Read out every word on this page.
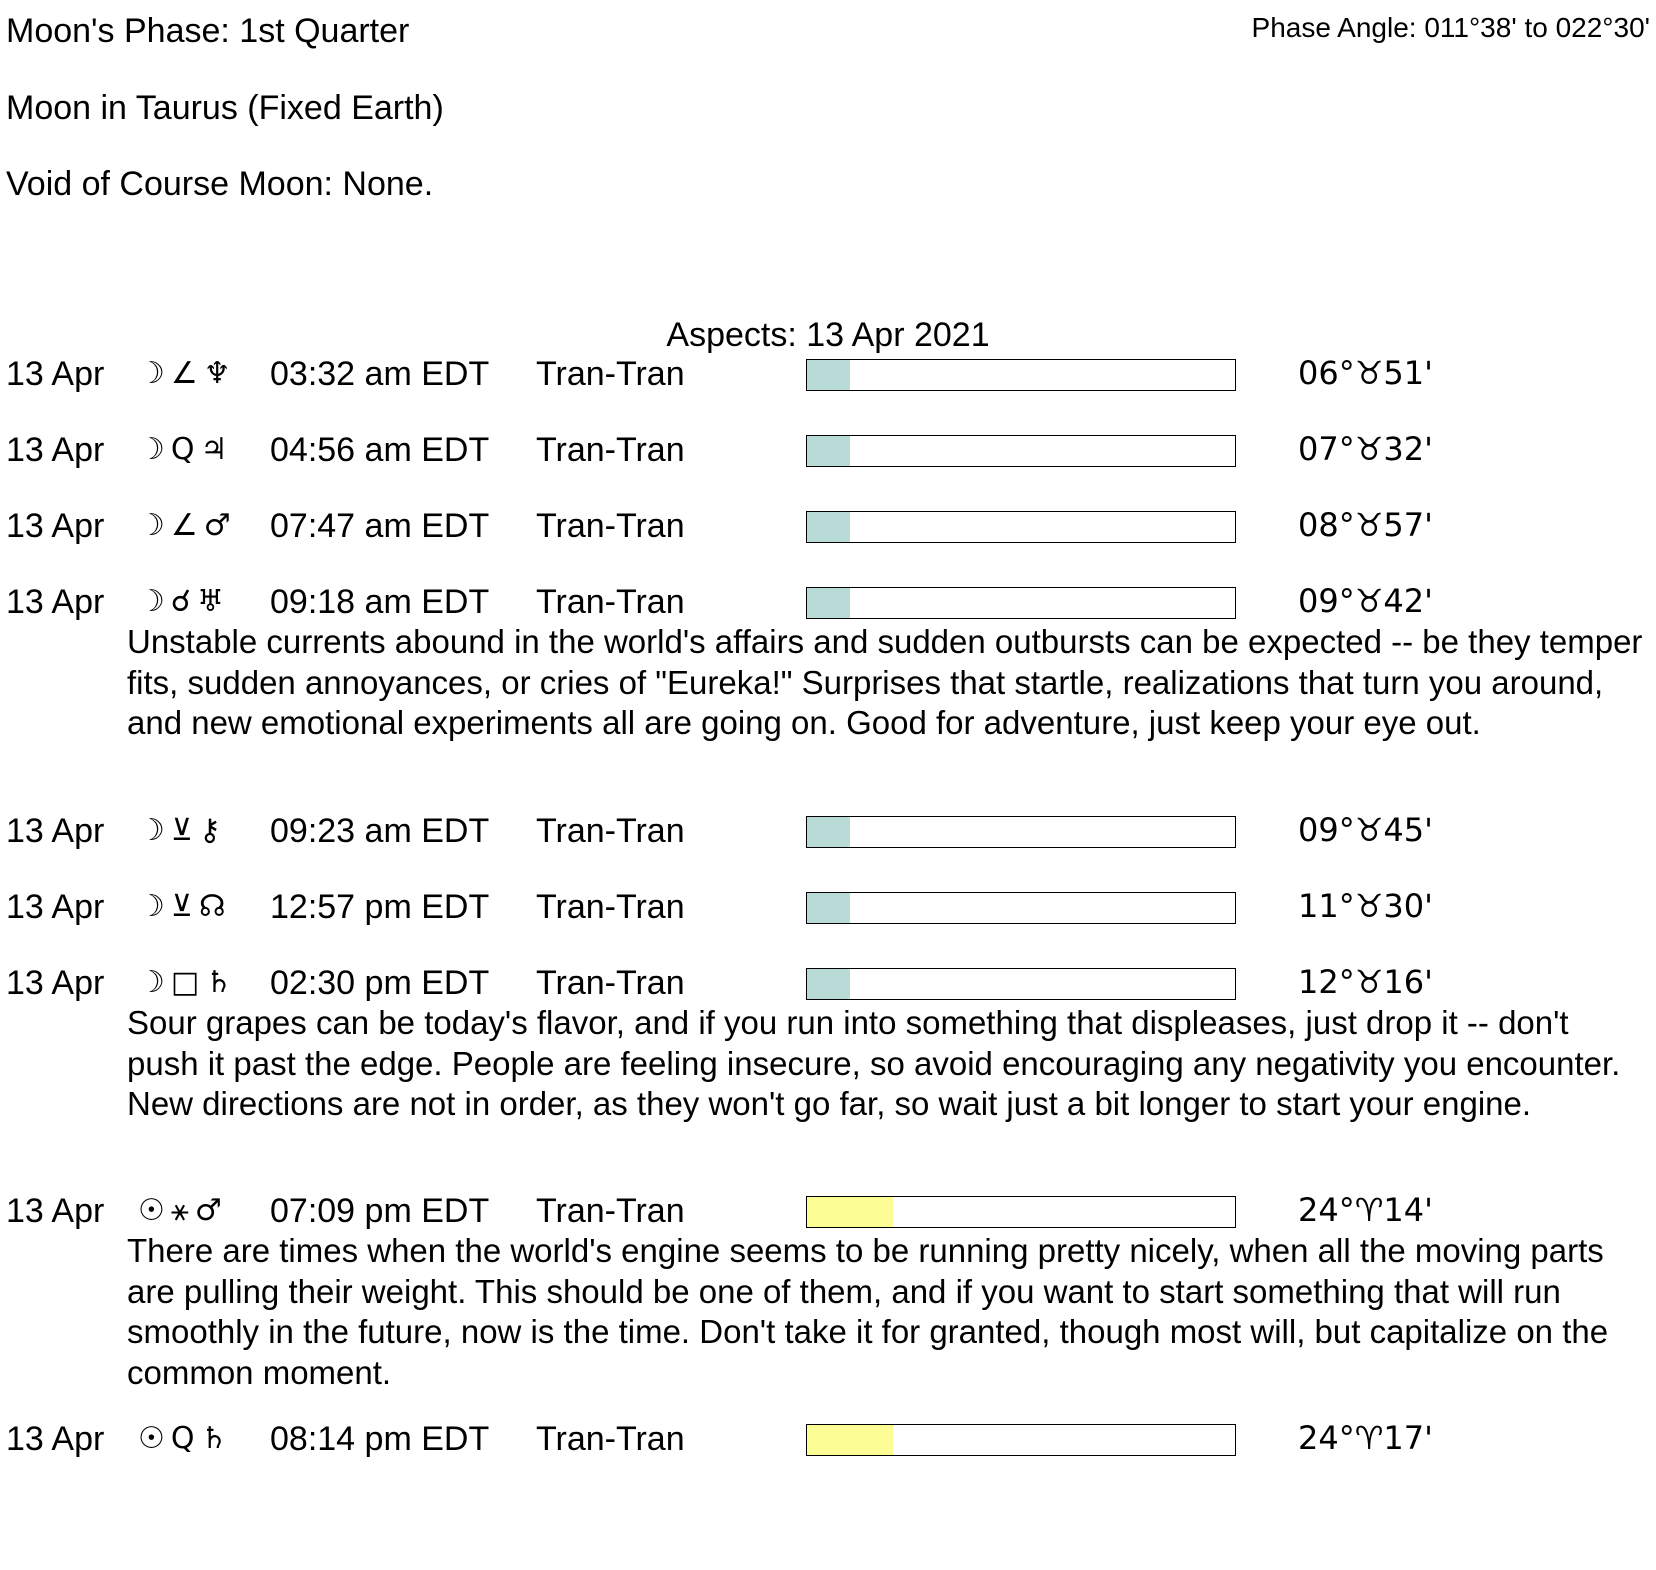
Moon's Phase: 1st Quarter	Phase Angle: 011°38' to 022°30'
Moon in Taurus (Fixed Earth)
Void of Course Moon: None.
Aspects: 13 Apr 2021
13 Apr ☽∠♆ 03:32 am EDT Tran-Tran	06°♉51'
13 Apr ☽Q♃	04:56 am EDT Tran-Tran	07°♉32'
13 Apr ☽∠♂ 07:47 am EDT Tran-Tran	08°♉57'
13 Apr ☽☌♅	09:18 am EDT Tran-Tran	09°♉42'
Unstable currents abound in the world's affairs and sudden outbursts can be expected -- be they temper fits, sudden annoyances, or cries of "Eureka!" Surprises that startle, realizations that turn you around, and new emotional experiments all are going on. Good for adventure, just keep your eye out.
13 Apr ☽⊻⚷	09:23 am EDT Tran-Tran	09°♉45'
13 Apr ☽⊻☊	12:57 pm EDT Tran-Tran	11°♉30'
13 Apr ☽□♄ 02:30 pm EDT Tran-Tran	12°♉16'
Sour grapes can be today's flavor, and if you run into something that displeases, just drop it -- don't push it past the edge. People are feeling insecure, so avoid encouraging any negativity you encounter. New directions are not in order, as they won't go far, so wait just a bit longer to start your engine.
13 Apr ☉⚹♂	07:09 pm EDT Tran-Tran	24°♈14'
There are times when the world's engine seems to be running pretty nicely, when all the moving parts are pulling their weight. This should be one of them, and if you want to start something that will run smoothly in the future, now is the time. Don't take it for granted, though most will, but capitalize on the common moment.
13 Apr ☉Q♄	08:14 pm EDT Tran-Tran	24°♈17'
